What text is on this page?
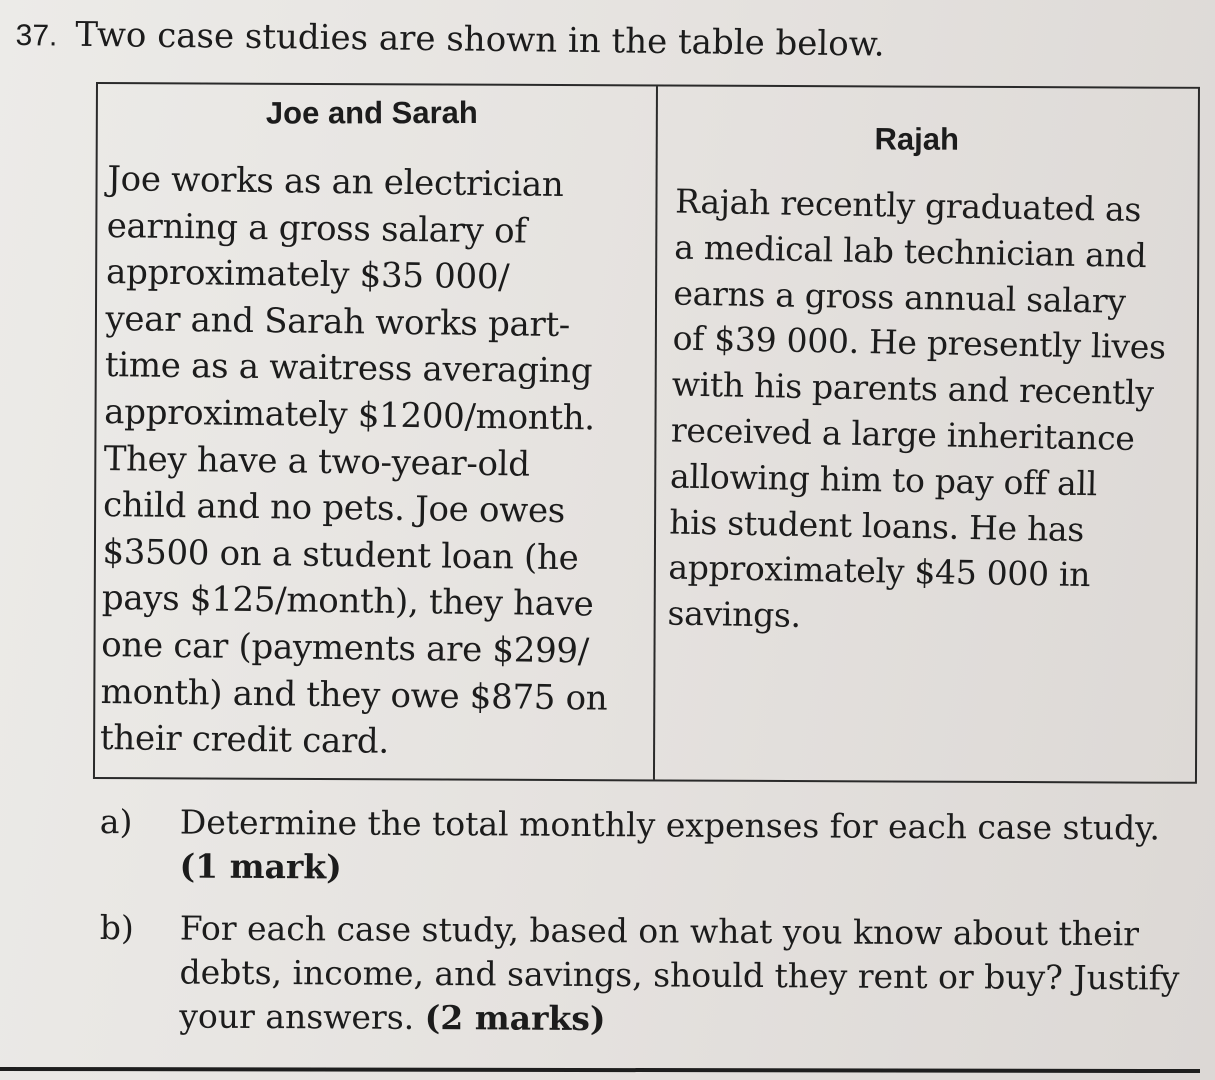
37. Two case studies are shown in the table below.
Joe and Sarah
Joe works as an electrician
earning a gross salary of
approximately $35 000/
year and Sarah works part-
time as a waitress averaging
approximately $1200/month.
They have a two-year-old
child and no pets. Joe owes
$3500 on a student loan (he
pays $125/month), they have
one car (payments are $299/
month) and they owe $875 on
their credit card.
Rajah
Rajah recently graduated as
a medical lab technician and
earns a gross annual salary
of $39 000. He presently lives
with his parents and recently
received a large inheritance
allowing him to pay off all
his student loans. He has
approximately $45 000 in
savings.
a)	Determine the total monthly expenses for each case study.
(1 mark)
b)	For each case study, based on what you know about their debts, income, and savings, should they rent or buy? Justify your answers. (2 marks)
